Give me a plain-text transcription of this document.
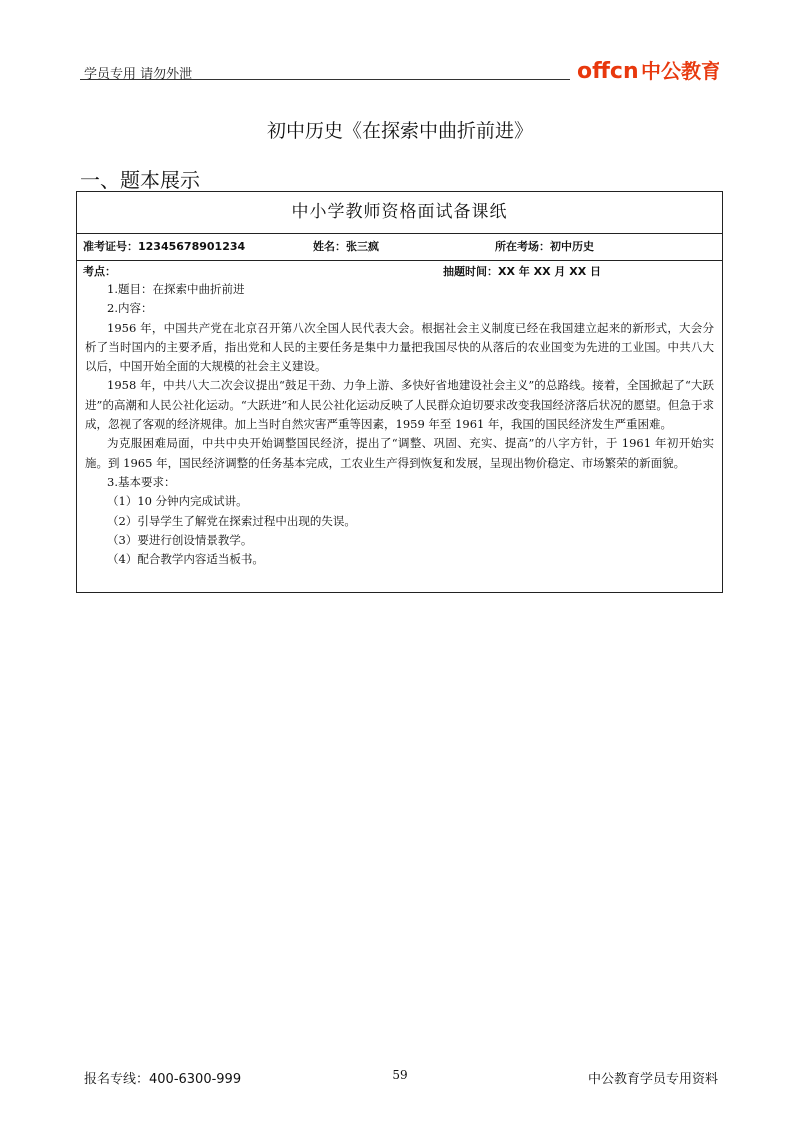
学员专用 请勿外泄	offcn 中公教育
初中历史《在探索中曲折前进》
一、题本展示
中小学教师资格面试备课纸
准考证号：12345678901234	姓名：张三疯	所在考场：初中历史
考点：	抽题时间：XX 年 XX 月 XX 日

1.题目：在探索中曲折前进

2.内容：

1956 年，中国共产党在北京召开第八次全国人民代表大会。根据社会主义制度已经在我国建立起来的新形式，大会分析了当时国内的主要矛盾，指出党和人民的主要任务是集中力量把我国尽快的从落后的农业国变为先进的工业国。中共八大以后，中国开始全面的大规模的社会主义建设。

1958 年，中共八大二次会议提出“鼓足干劲、力争上游、多快好省地建设社会主义”的总路线。接着，全国掀起了“大跃进”的高潮和人民公社化运动。“大跃进”和人民公社化运动反映了人民群众迫切要求改变我国经济落后状况的愿望。但急于求成，忽视了客观的经济规律。加上当时自然灾害严重等因素，1959 年至 1961 年，我国的国民经济发生严重困难。

为克服困难局面，中共中央开始调整国民经济，提出了“调整、巩固、充实、提高”的八字方针，于 1961 年初开始实施。到 1965 年，国民经济调整的任务基本完成，工农业生产得到恢复和发展，呈现出物价稳定、市场繁荣的新面貌。

3.基本要求：

（1）10 分钟内完成试讲。

（2）引导学生了解党在探索过程中出现的失误。

（3）要进行创设情景教学。

（4）配合教学内容适当板书。

报名专线：400-6300-999	59	中公教育学员专用资料
